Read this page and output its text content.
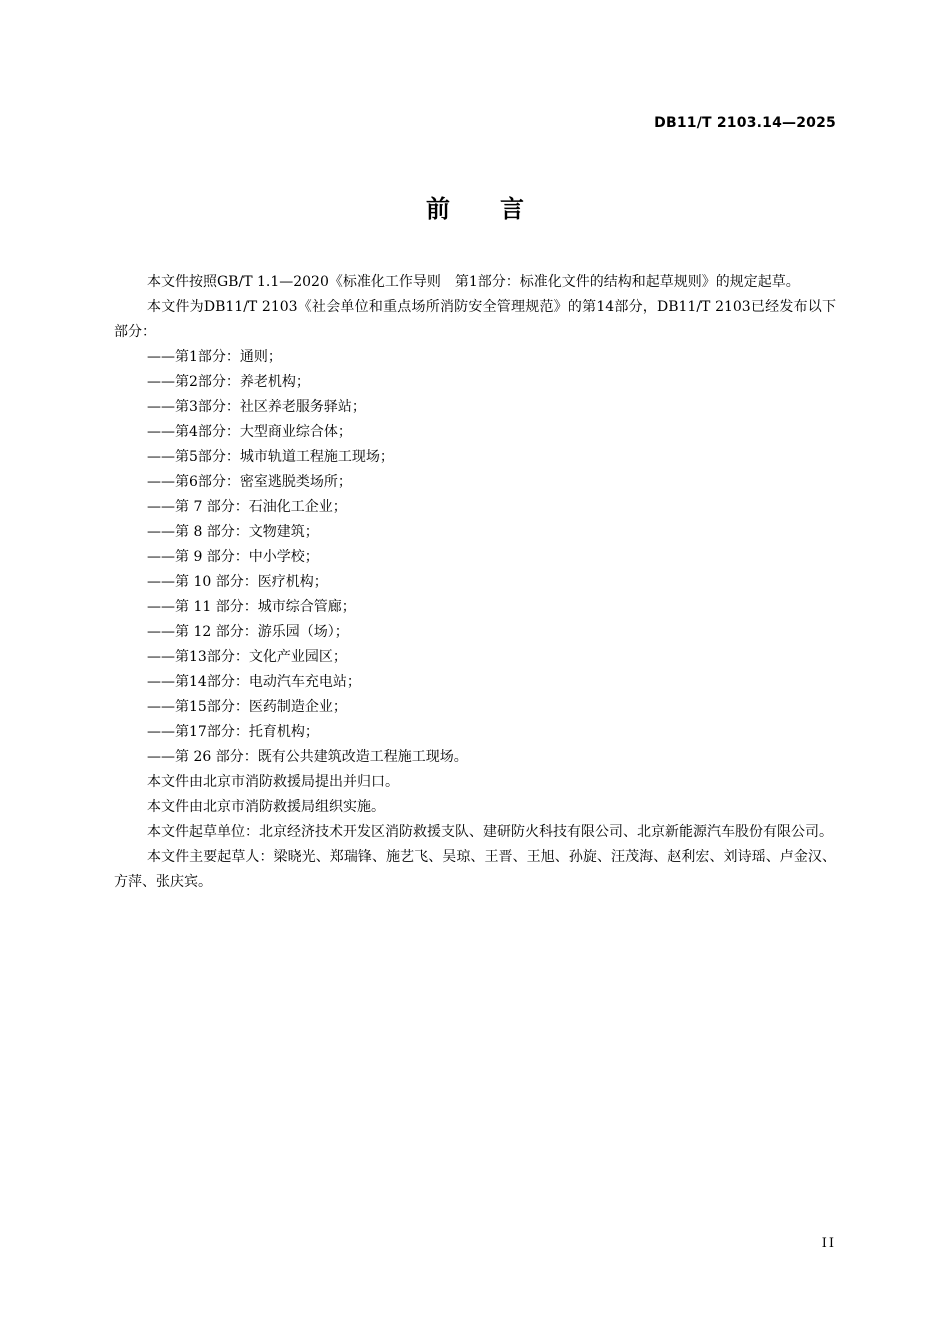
DB11/T 2103.14—2025
前 言

本文件按照GB/T 1.1—2020《标准化工作导则　第1部分：标准化文件的结构和起草规则》的规定起草。

本文件为DB11/T 2103《社会单位和重点场所消防安全管理规范》的第14部分，DB11/T 2103已经发布以下部分：

——第1部分：通则；
——第2部分：养老机构；
——第3部分：社区养老服务驿站；
——第4部分：大型商业综合体；
——第5部分：城市轨道工程施工现场；
——第6部分：密室逃脱类场所；
——第 7 部分：石油化工企业；
——第 8 部分：文物建筑；
——第 9 部分：中小学校；
——第 10 部分：医疗机构；
——第 11 部分：城市综合管廊；
——第 12 部分：游乐园（场）；
——第13部分：文化产业园区；
——第14部分：电动汽车充电站；
——第15部分：医药制造企业；
——第17部分：托育机构；
——第 26 部分：既有公共建筑改造工程施工现场。

本文件由北京市消防救援局提出并归口。

本文件由北京市消防救援局组织实施。

本文件起草单位：北京经济技术开发区消防救援支队、建研防火科技有限公司、北京新能源汽车股份有限公司。

本文件主要起草人：梁晓光、郑瑞锋、施艺飞、吴琼、王晋、王旭、孙旋、汪茂海、赵利宏、刘诗瑶、卢金汉、方萍、张庆宾。

II
